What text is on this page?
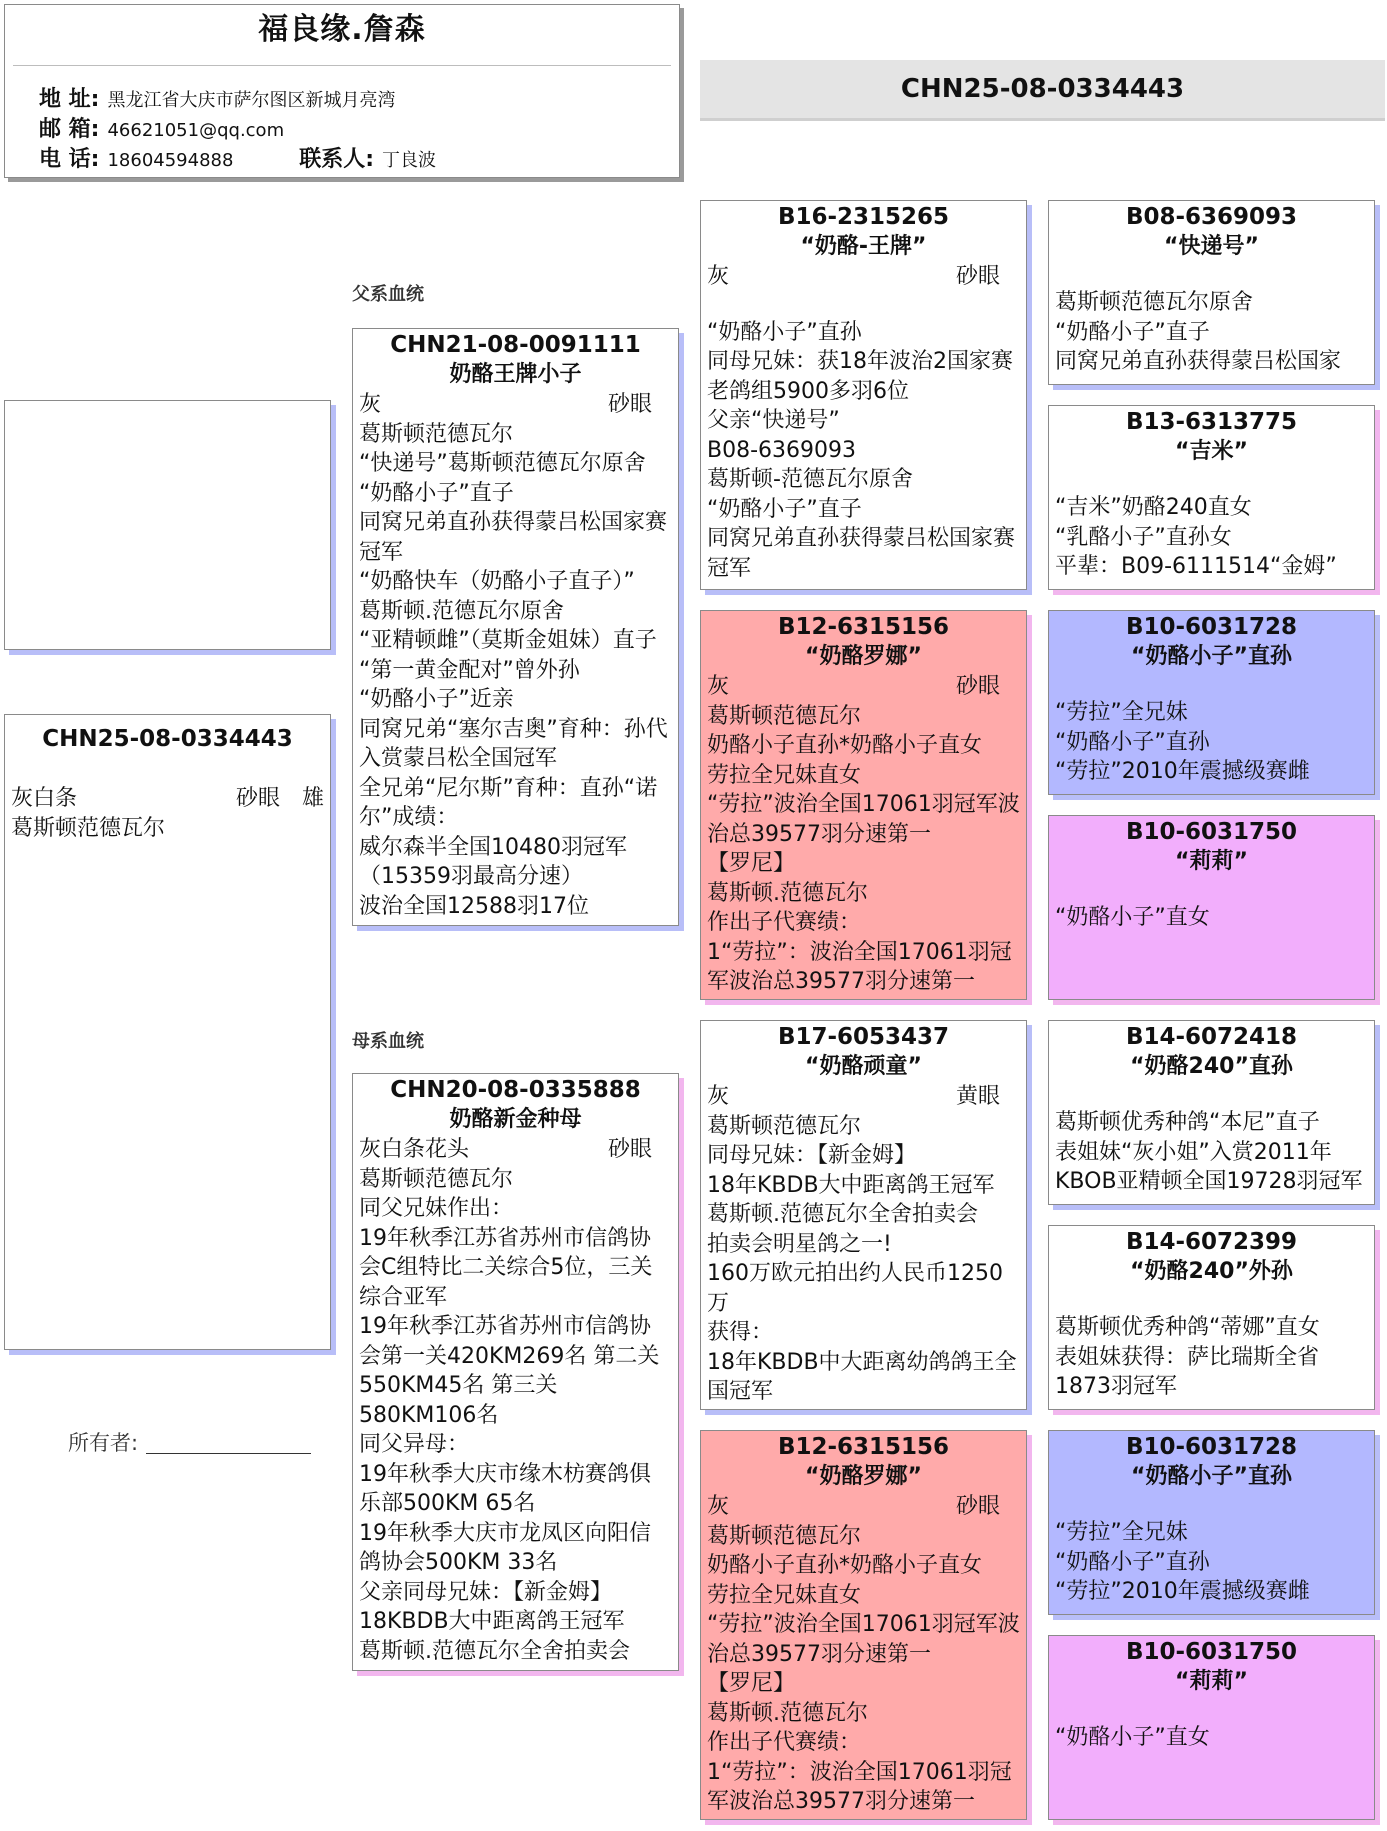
福良缘.詹森
地 址: 黑龙江省大庆市萨尔图区新城月亮湾
邮 箱: 46621051@qq.com
电 话: 18604594888	联系人: 丁良波
CHN25-08-0334443
CHN25-08-0334443
灰白条	砂眼 雄
葛斯顿范德瓦尔
所有者:
父系血统
母系血统
CHN21-08-0091111
奶酪王牌小子
灰	砂眼
葛斯顿范德瓦尔
“快递号”葛斯顿范德瓦尔原舍
“奶酪小子”直子
同窝兄弟直孙获得蒙吕松国家赛冠军
“奶酪快车（奶酪小子直子）”
葛斯顿.范德瓦尔原舍
“亚精顿雌”（莫斯金姐妹）直子
“第一黄金配对”曾外孙
“奶酪小子”近亲
同窝兄弟“塞尔吉奥”育种：孙代入赏蒙吕松全国冠军
全兄弟“尼尔斯”育种：直孙“诺尔”成绩：
威尔森半全国10480羽冠军（15359羽最高分速）
波治全国12588羽17位
CHN20-08-0335888
奶酪新金种母
灰白条花头	砂眼
葛斯顿范德瓦尔
同父兄妹作出：
19年秋季江苏省苏州市信鸽协会C组特比二关综合5位，三关综合亚军
19年秋季江苏省苏州市信鸽协会第一关420KM269名 第二关550KM45名 第三关580KM106名
同父异母：
19年秋季大庆市缘木枋赛鸽俱乐部500KM 65名
19年秋季大庆市龙凤区向阳信鸽协会500KM 33名
父亲同母兄妹：【新金姆】
18KBDB大中距离鸽王冠军
葛斯顿.范德瓦尔全舍拍卖会
B16-2315265
“奶酪-王牌”
灰	砂眼
“奶酪小子”直孙
同母兄妹：获18年波治2国家赛老鸽组5900多羽6位
父亲“快递号”
B08-6369093
葛斯顿-范德瓦尔原舍
“奶酪小子”直子
同窝兄弟直孙获得蒙吕松国家赛冠军
B12-6315156
“奶酪罗娜”
灰	砂眼
葛斯顿范德瓦尔
奶酪小子直孙*奶酪小子直女
劳拉全兄妹直女
“劳拉”波治全国17061羽冠军波治总39577羽分速第一
【罗尼】
葛斯顿.范德瓦尔
作出子代赛绩：
1“劳拉”：波治全国17061羽冠军波治总39577羽分速第一
B17-6053437
“奶酪顽童”
灰	黄眼
葛斯顿范德瓦尔
同母兄妹：【新金姆】
18年KBDB大中距离鸽王冠军
葛斯顿.范德瓦尔全舍拍卖会
拍卖会明星鸽之一!
160万欧元拍出约人民币1250万
获得：
18年KBDB中大距离幼鸽鸽王全国冠军
B12-6315156
“奶酪罗娜”
灰	砂眼
葛斯顿范德瓦尔
奶酪小子直孙*奶酪小子直女
劳拉全兄妹直女
“劳拉”波治全国17061羽冠军波治总39577羽分速第一
【罗尼】
葛斯顿.范德瓦尔
作出子代赛绩：
1“劳拉”：波治全国17061羽冠军波治总39577羽分速第一
B08-6369093
“快递号”
葛斯顿范德瓦尔原舍
“奶酪小子”直子
同窝兄弟直孙获得蒙吕松国家
B13-6313775
“吉米”
“吉米”奶酪240直女
“乳酪小子”直孙女
平辈：B09-6111514“金姆”
B10-6031728
“奶酪小子”直孙
“劳拉”全兄妹
“奶酪小子”直孙
“劳拉”2010年震撼级赛雌
B10-6031750
“莉莉”
“奶酪小子”直女
B14-6072418
“奶酪240”直孙
葛斯顿优秀种鸽“本尼”直子
表姐妹“灰小姐”入赏2011年KBOB亚精顿全国19728羽冠军
B14-6072399
“奶酪240”外孙
葛斯顿优秀种鸽“蒂娜”直女
表姐妹获得：萨比瑞斯全省1873羽冠军
B10-6031728
“奶酪小子”直孙
“劳拉”全兄妹
“奶酪小子”直孙
“劳拉”2010年震撼级赛雌
B10-6031750
“莉莉”
“奶酪小子”直女
